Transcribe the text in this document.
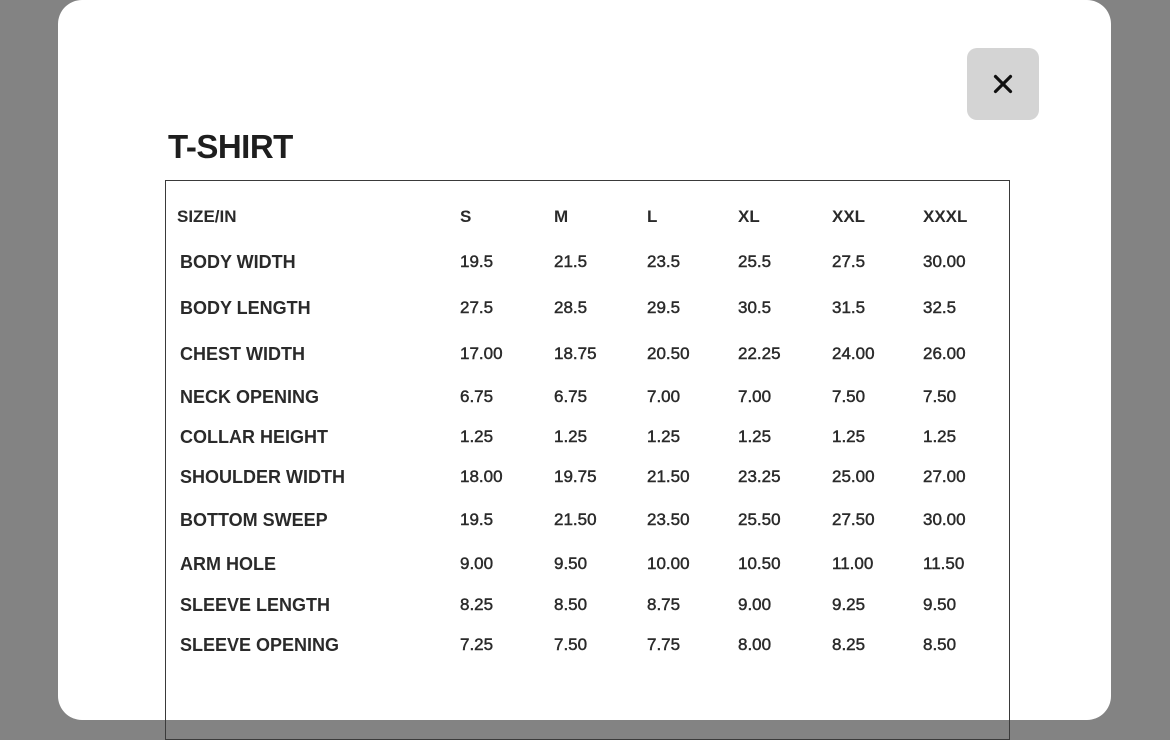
T-SHIRT
SIZE/IN	S	M	L	XL	XXL	XXXL
BODY WIDTH	19.5	21.5	23.5	25.5	27.5	30.00
BODY LENGTH	27.5	28.5	29.5	30.5	31.5	32.5
CHEST WIDTH	17.00	18.75	20.50	22.25	24.00	26.00
NECK OPENING	6.75	6.75	7.00	7.00	7.50	7.50
COLLAR HEIGHT	1.25	1.25	1.25	1.25	1.25	1.25
SHOULDER WIDTH	18.00	19.75	21.50	23.25	25.00	27.00
BOTTOM SWEEP	19.5	21.50	23.50	25.50	27.50	30.00
ARM HOLE	9.00	9.50	10.00	10.50	11.00	11.50
SLEEVE LENGTH	8.25	8.50	8.75	9.00	9.25	9.50
SLEEVE OPENING	7.25	7.50	7.75	8.00	8.25	8.50
